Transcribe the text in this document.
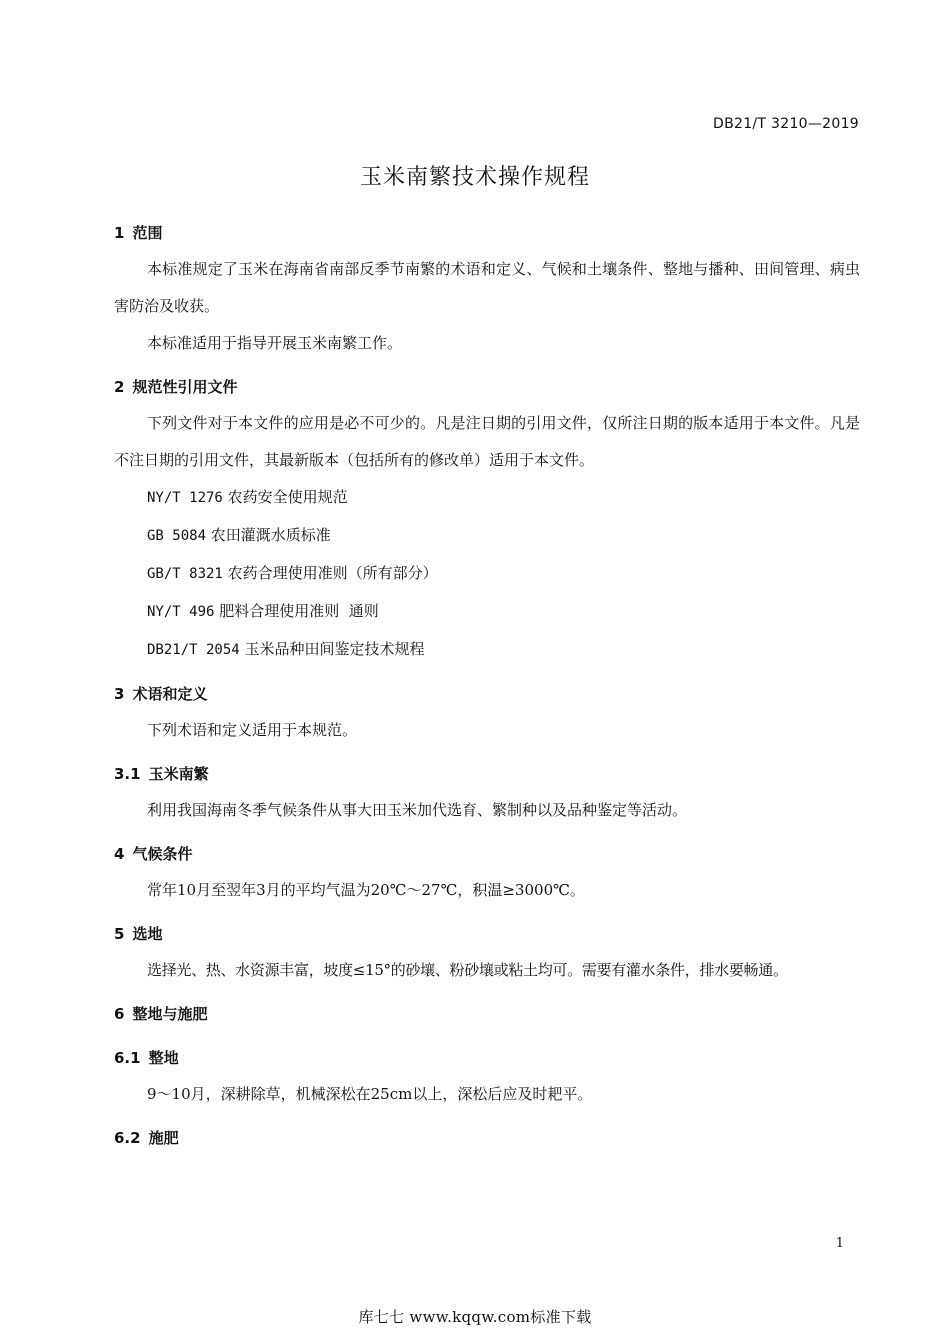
DB21/T 3210—2019
玉米南繁技术操作规程
1 范围

本标准规定了玉米在海南省南部反季节南繁的术语和定义、气候和土壤条件、整地与播种、田间管理、病虫害防治及收获。

本标准适用于指导开展玉米南繁工作。

2 规范性引用文件

下列文件对于本文件的应用是必不可少的。凡是注日期的引用文件，仅所注日期的版本适用于本文件。凡是不注日期的引用文件，其最新版本（包括所有的修改单）适用于本文件。

NY/T 1276 农药安全使用规范
GB 5084 农田灌溉水质标准
GB/T 8321 农药合理使用准则（所有部分）
NY/T 496 肥料合理使用准则  通则
DB21/T 2054 玉米品种田间鉴定技术规程
3 术语和定义

下列术语和定义适用于本规范。

3.1 玉米南繁

利用我国海南冬季气候条件从事大田玉米加代选育、繁制种以及品种鉴定等活动。

4 气候条件

常年10月至翌年3月的平均气温为20℃～27℃，积温≥3000℃。

5 选地

选择光、热、水资源丰富，坡度≤15°的砂壤、粉砂壤或粘土均可。需要有灌水条件，排水要畅通。

6 整地与施肥
6.1 整地

9～10月，深耕除草，机械深松在25cm以上，深松后应及时耙平。

6.2 施肥
1
库七七 www.kqqw.com标准下载
